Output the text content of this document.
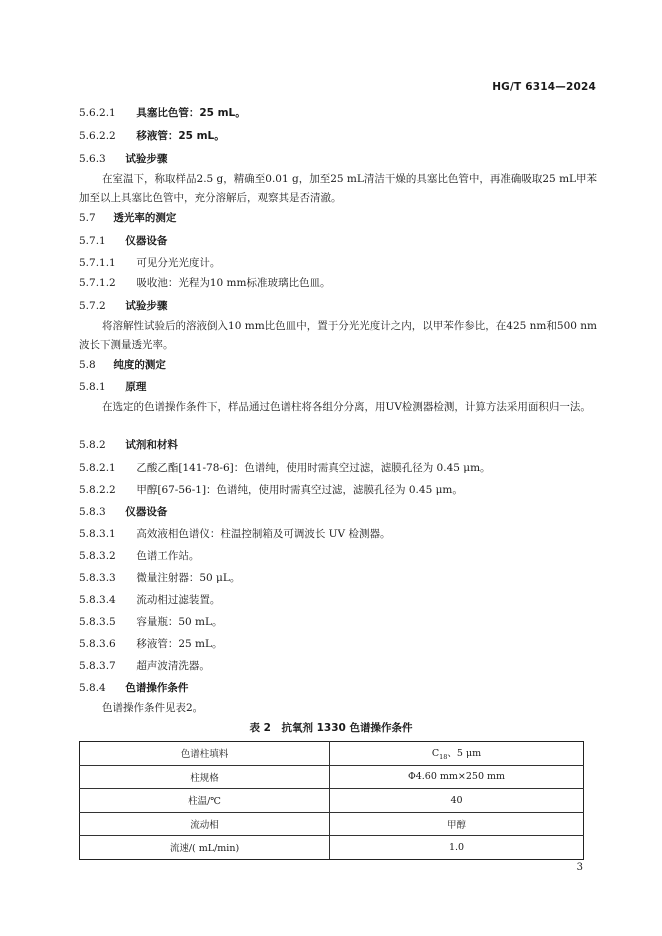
HG/T 6314—2024
5.6.2.1 具塞比色管：25 mL。
5.6.2.2 移液管：25 mL。
5.6.3 试验步骤
在室温下，称取样品2.5 g，精确至0.01 g，加至25 mL清洁干燥的具塞比色管中，再准确吸取25 mL甲苯加至以上具塞比色管中，充分溶解后，观察其是否清澈。
5.7 透光率的测定
5.7.1 仪器设备
5.7.1.1 可见分光光度计。
5.7.1.2 吸收池：光程为10 mm标准玻璃比色皿。
5.7.2 试验步骤
将溶解性试验后的溶液倒入10 mm比色皿中，置于分光光度计之内，以甲苯作参比，在425 nm和500 nm波长下测量透光率。
5.8 纯度的测定
5.8.1 原理
在选定的色谱操作条件下，样品通过色谱柱将各组分分离，用UV检测器检测，计算方法采用面积归一法。
5.8.2 试剂和材料
5.8.2.1 乙酸乙酯[141-78-6]：色谱纯，使用时需真空过滤，滤膜孔径为 0.45 μm。
5.8.2.2 甲醇[67-56-1]：色谱纯，使用时需真空过滤，滤膜孔径为 0.45 μm。
5.8.3 仪器设备
5.8.3.1 高效液相色谱仪：柱温控制箱及可调波长 UV 检测器。
5.8.3.2 色谱工作站。
5.8.3.3 微量注射器：50 μL。
5.8.3.4 流动相过滤装置。
5.8.3.5 容量瓶：50 mL。
5.8.3.6 移液管：25 mL。
5.8.3.7 超声波清洗器。
5.8.4 色谱操作条件
色谱操作条件见表2。
表 2　抗氧剂 1330 色谱操作条件
色谱柱填料	$C_{18}$、5 μm
柱规格	Φ4.60 mm×250 mm
柱温/℃	40
流动相	甲醇
流速/( mL/min)	1.0
3
